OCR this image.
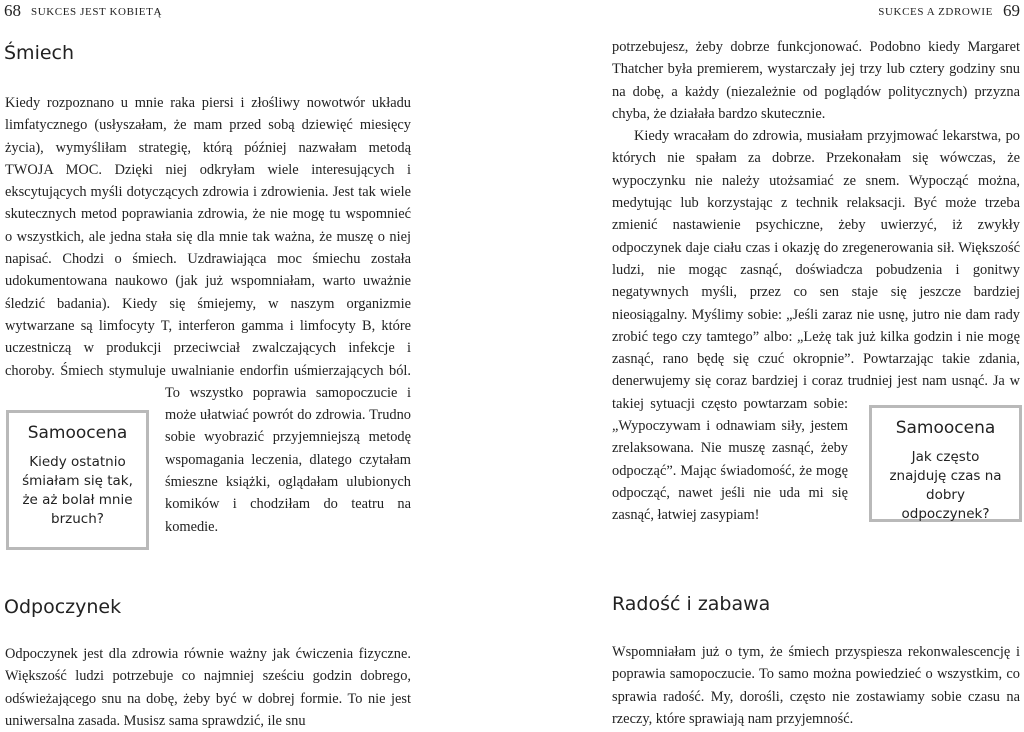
68 SUKCES JEST KOBIETĄ
Śmiech

Kiedy rozpoznano u mnie raka piersi i złośliwy nowotwór układu limfatycznego (usłyszałam, że mam przed sobą dziewięć miesięcy życia), wymyśliłam strategię, którą później nazwałam metodą TWOJA MOC. Dzięki niej odkryłam wiele interesujących i ekscytujących myśli dotyczących zdrowia i zdrowienia. Jest tak wiele skutecznych metod poprawiania zdrowia, że nie mogę tu wspomnieć o wszystkich, ale jedna stała się dla mnie tak ważna, że muszę o niej napisać. Chodzi o śmiech. Uzdrawiająca moc śmiechu została udokumentowana naukowo (jak już wspomniałam, warto uważnie śledzić badania). Kiedy się śmiejemy, w naszym organizmie wytwarzane są limfocyty T, interferon gamma i limfocyty B, które uczestniczą w produkcji przeciwciał zwalczających infekcje i choroby. Śmiech stymuluje uwalnianie endorfin uśmierzających ból. To wszystko poprawia samopoczucie i może ułatwiać powrót do zdrowia. Trudno sobie wyobrazić przyjemniejszą metodę wspomagania leczenia, dlatego czytałam śmieszne książki, oglądałam ulubionych komików i chodziłam do teatru na komedie.

Samoocena
Kiedy ostatnio śmiałam się tak, że aż bolał mnie brzuch?
Odpoczynek

Odpoczynek jest dla zdrowia równie ważny jak ćwiczenia fizyczne. Większość ludzi potrzebuje co najmniej sześciu godzin dobrego, odświeżającego snu na dobę, żeby być w dobrej formie. To nie jest uniwersalna zasada. Musisz sama sprawdzić, ile snu

SUKCES A ZDROWIE 69

potrzebujesz, żeby dobrze funkcjonować. Podobno kiedy Margaret Thatcher była premierem, wystarczały jej trzy lub cztery godziny snu na dobę, a każdy (niezależnie od poglądów politycznych) przyzna chyba, że działała bardzo skutecznie.

Kiedy wracałam do zdrowia, musiałam przyjmować lekarstwa, po których nie spałam za dobrze. Przekonałam się wówczas, że wypoczynku nie należy utożsamiać ze snem. Wypocząć można, medytując lub korzystając z technik relaksacji. Być może trzeba zmienić nastawienie psychiczne, żeby uwierzyć, iż zwykły odpoczynek daje ciału czas i okazję do zregenerowania sił. Większość ludzi, nie mogąc zasnąć, doświadcza pobudzenia i gonitwy negatywnych myśli, przez co sen staje się jeszcze bardziej nieosiągalny. Myślimy sobie: „Jeśli zaraz nie usnę, jutro nie dam rady zrobić tego czy tamtego” albo: „Leżę tak już kilka godzin i nie mogę zasnąć, rano będę się czuć okropnie”. Powtarzając takie zdania, denerwujemy się coraz bardziej i coraz trudniej jest nam usnąć. Ja w takiej sytuacji często powtarzam sobie: „Wypoczywam i odnawiam siły, jestem zrelaksowana. Nie muszę zasnąć, żeby odpocząć”. Mając świadomość, że mogę odpocząć, nawet jeśli nie uda mi się zasnąć, łatwiej zasypiam!

Samoocena
Jak często znajduję czas na dobry odpoczynek?
Radość i zabawa

Wspomniałam już o tym, że śmiech przyspiesza rekonwalescencję i poprawia samopoczucie. To samo można powiedzieć o wszystkim, co sprawia radość. My, dorośli, często nie zostawiamy sobie czasu na rzeczy, które sprawiają nam przyjemność.
